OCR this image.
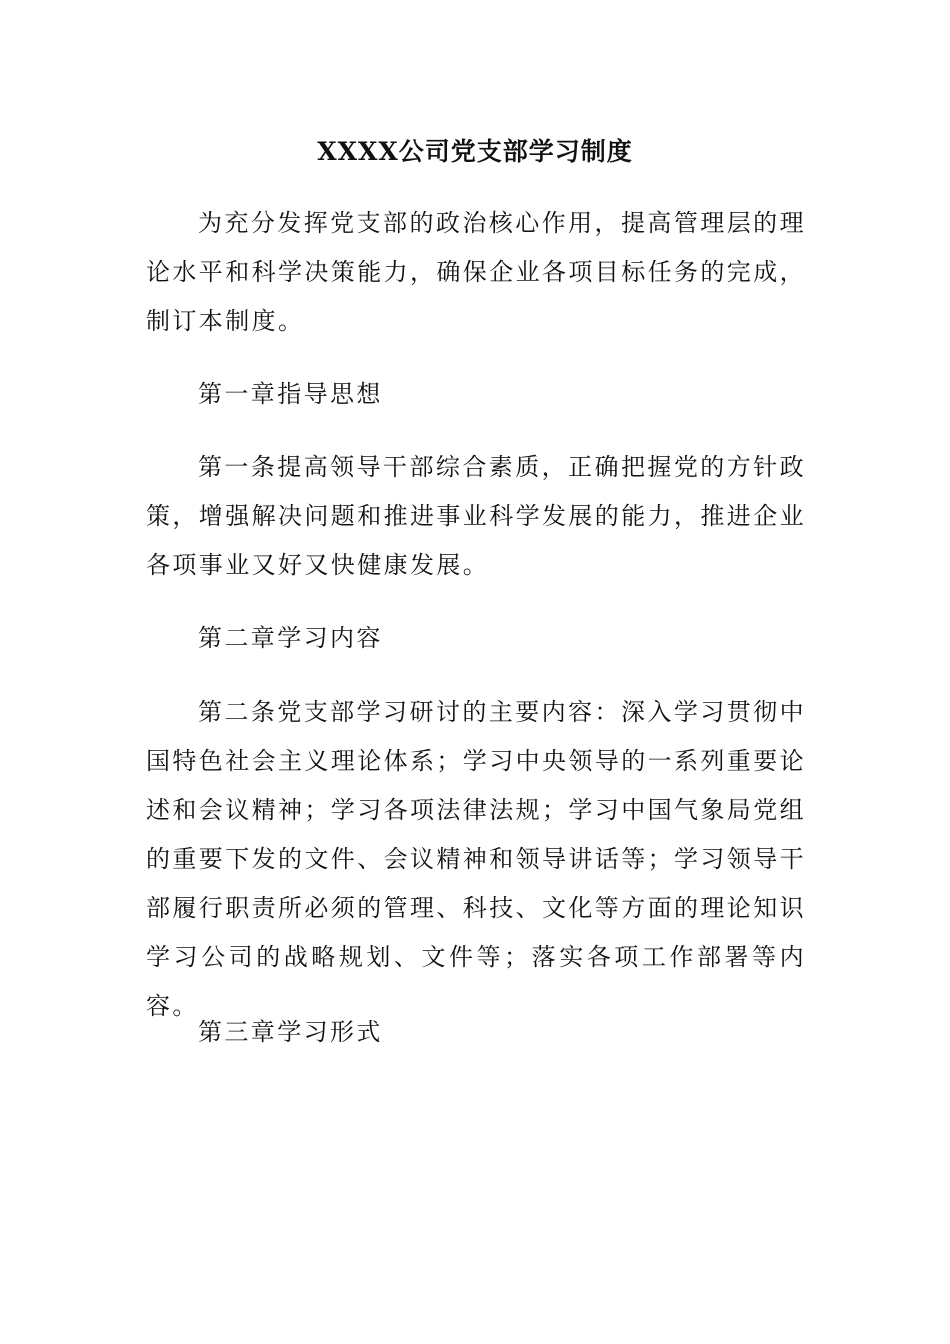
XXXX公司党支部学习制度

为充分发挥党支部的政治核心作用，提高管理层的理论水平和科学决策能力，确保企业各项目标任务的完成，制订本制度。

第一章指导思想

第一条提高领导干部综合素质，正确把握党的方针政策，增强解决问题和推进事业科学发展的能力，推进企业各项事业又好又快健康发展。

第二章学习内容

第二条党支部学习研讨的主要内容：深入学习贯彻中国特色社会主义理论体系；学习中央领导的一系列重要论述和会议精神；学习各项法律法规；学习中国气象局党组的重要下发的文件、会议精神和领导讲话等；学习领导干部履行职责所必须的管理、科技、文化等方面的理论知识学习公司的战略规划、文件等；落实各项工作部署等内容。

第三章学习形式
